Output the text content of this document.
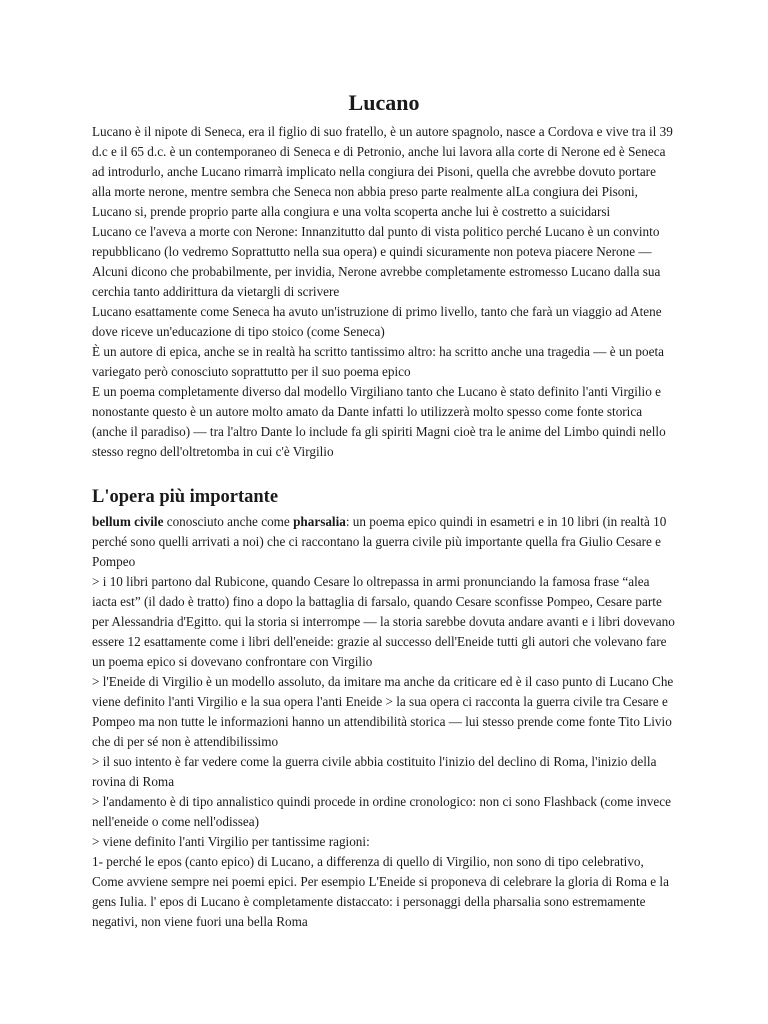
Lucano

Lucano è il nipote di Seneca, era il figlio di suo fratello, è un autore spagnolo, nasce a Cordova e vive tra il 39 d.c e il 65 d.c. è un contemporaneo di Seneca e di Petronio, anche lui lavora alla corte di Nerone ed è Seneca ad introdurlo, anche Lucano rimarrà implicato nella congiura dei Pisoni, quella che avrebbe dovuto portare alla morte nerone, mentre sembra che Seneca non abbia preso parte realmente alLa congiura dei Pisoni, Lucano si, prende proprio parte alla congiura e una volta scoperta anche lui è costretto a suicidarsi

Lucano ce l'aveva a morte con Nerone: Innanzitutto dal punto di vista politico perché Lucano è un convinto repubblicano (lo vedremo Soprattutto nella sua opera) e quindi sicuramente non poteva piacere Nerone — Alcuni dicono che probabilmente, per invidia, Nerone avrebbe completamente estromesso Lucano dalla sua cerchia tanto addirittura da vietargli di scrivere

Lucano esattamente come Seneca ha avuto un'istruzione di primo livello, tanto che farà un viaggio ad Atene dove riceve un'educazione di tipo stoico (come Seneca)

È un autore di epica, anche se in realtà ha scritto tantissimo altro: ha scritto anche una tragedia — è un poeta variegato però conosciuto soprattutto per il suo poema epico

E un poema completamente diverso dal modello Virgiliano tanto che Lucano è stato definito l'anti Virgilio e nonostante questo è un autore molto amato da Dante infatti lo utilizzerà molto spesso come fonte storica (anche il paradiso) — tra l'altro Dante lo include fa gli spiriti Magni cioè tra le anime del Limbo quindi nello stesso regno dell'oltretomba in cui c'è Virgilio

L'opera più importante

bellum civile conosciuto anche come pharsalia: un poema epico quindi in esametri e in 10 libri (in realtà 10 perché sono quelli arrivati a noi) che ci raccontano la guerra civile più importante quella fra Giulio Cesare e Pompeo

> i 10 libri partono dal Rubicone, quando Cesare lo oltrepassa in armi pronunciando la famosa frase “alea iacta est” (il dado è tratto) fino a dopo la battaglia di farsalo, quando Cesare sconfisse Pompeo, Cesare parte per Alessandria d'Egitto. qui la storia si interrompe — la storia sarebbe dovuta andare avanti e i libri dovevano essere 12 esattamente come i libri dell'eneide: grazie al successo dell'Eneide tutti gli autori che volevano fare un poema epico si dovevano confrontare con Virgilio

> l'Eneide di Virgilio è un modello assoluto, da imitare ma anche da criticare ed è il caso punto di Lucano Che viene definito l'anti Virgilio e la sua opera l'anti Eneide > la sua opera ci racconta la guerra civile tra Cesare e Pompeo ma non tutte le informazioni hanno un attendibilità storica — lui stesso prende come fonte Tito Livio che di per sé non è attendibilissimo

> il suo intento è far vedere come la guerra civile abbia costituito l'inizio del declino di Roma, l'inizio della rovina di Roma

> l'andamento è di tipo annalistico quindi procede in ordine cronologico: non ci sono Flashback (come invece nell'eneide o come nell'odissea)

> viene definito l'anti Virgilio per tantissime ragioni:

1- perché le epos (canto epico) di Lucano, a differenza di quello di Virgilio, non sono di tipo celebrativo, Come avviene sempre nei poemi epici. Per esempio L'Eneide si proponeva di celebrare la gloria di Roma e la gens Iulia. l' epos di Lucano è completamente distaccato: i personaggi della pharsalia sono estremamente negativi, non viene fuori una bella Roma
